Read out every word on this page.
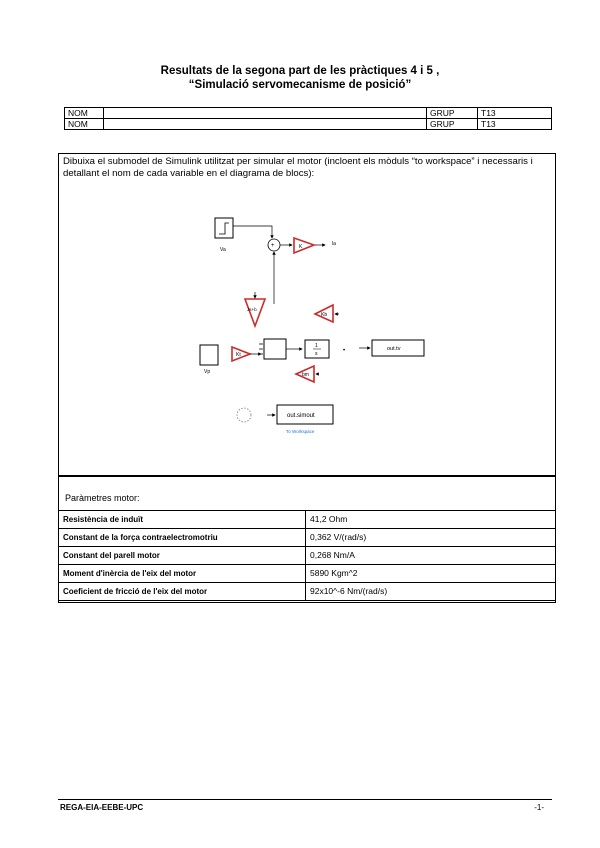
Resultats de la segona part de les pràctiques 4 i 5 ,
“Simulació servomecanisme de posició”
NOM		GRUP	T13
NOM		GRUP	T13
Dibuixa el submodel de Simulink utilitzat per simular el motor (incloent els mòduls “to workspace” i necessaris i detallant el nom de cada variable en el diagrama de blocs):
Va
+	K	la
Js+b
Kb
Vp
Kt
1
s	•	out.tv
bm
out.simout
To Workspace
Paràmetres motor:
Resistència de induït	41,2 Ohm
Constant de la força contraelectromotriu	0,362 V/(rad/s)
Constant del parell motor	0,268 Nm/A
Moment d'inèrcia de l'eix del motor	5890 Kgm^2
Coeficient de fricció de l'eix del motor	92x10^-6 Nm/(rad/s)
REGA-EIA-EEBE-UPC	-1-
